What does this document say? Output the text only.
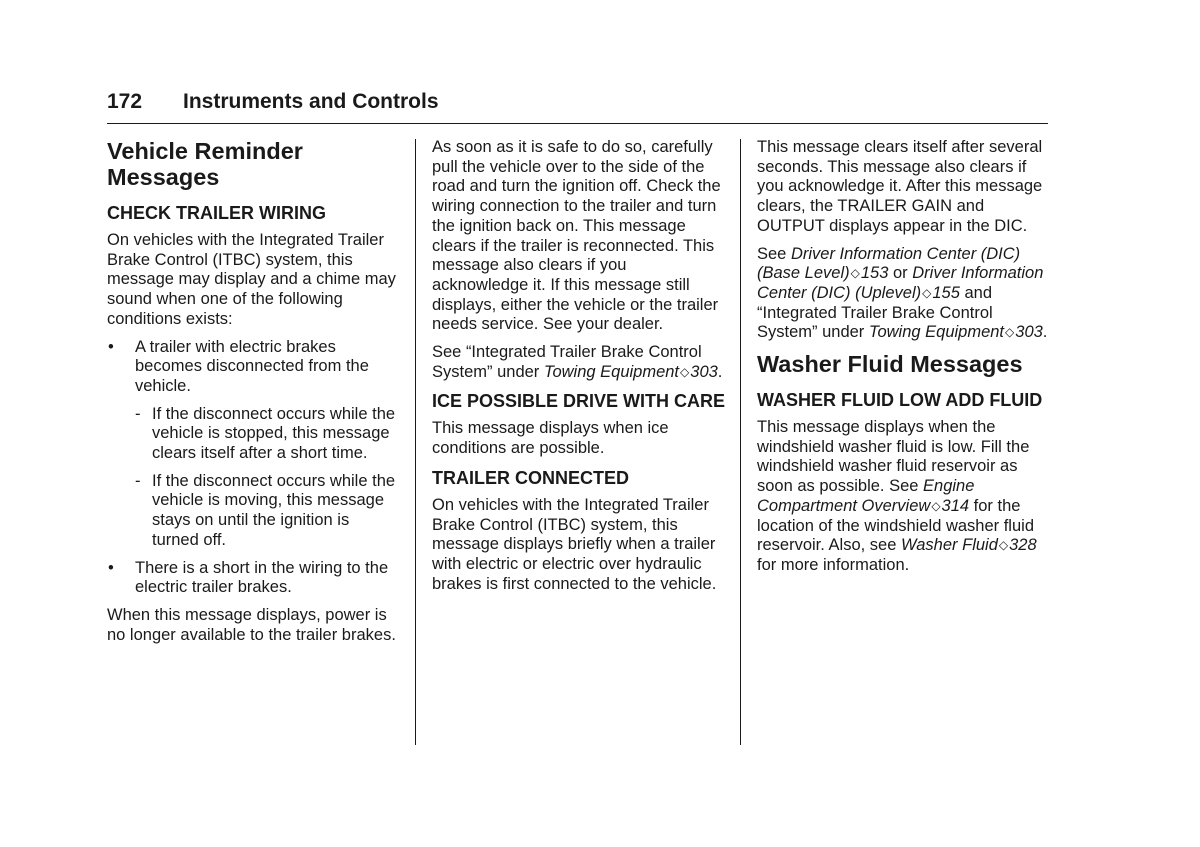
172 Instruments and Controls
Vehicle Reminder Messages
CHECK TRAILER WIRING

On vehicles with the Integrated Trailer Brake Control (ITBC) system, this message may display and a chime may sound when one of the following conditions exists:

• A trailer with electric brakes becomes disconnected from the vehicle.
- If the disconnect occurs while the vehicle is stopped, this message clears itself after a short time.
- If the disconnect occurs while the vehicle is moving, this message stays on until the ignition is turned off.
• There is a short in the wiring to the electric trailer brakes.

When this message displays, power is no longer available to the trailer brakes.

As soon as it is safe to do so, carefully pull the vehicle over to the side of the road and turn the ignition off. Check the wiring connection to the trailer and turn the ignition back on. This message clears if the trailer is reconnected. This message also clears if you acknowledge it. If this message still displays, either the vehicle or the trailer needs service. See your dealer.

See “Integrated Trailer Brake Control System” under Towing Equipment◇303.

ICE POSSIBLE DRIVE WITH CARE

This message displays when ice conditions are possible.

TRAILER CONNECTED

On vehicles with the Integrated Trailer Brake Control (ITBC) system, this message displays briefly when a trailer with electric or electric over hydraulic brakes is first connected to the vehicle.

This message clears itself after several seconds. This message also clears if you acknowledge it. After this message clears, the TRAILER GAIN and OUTPUT displays appear in the DIC.

See Driver Information Center (DIC) (Base Level)◇153 or Driver Information Center (DIC) (Uplevel)◇155 and “Integrated Trailer Brake Control System” under Towing Equipment◇303.

Washer Fluid Messages
WASHER FLUID LOW ADD FLUID

This message displays when the windshield washer fluid is low. Fill the windshield washer fluid reservoir as soon as possible. See Engine Compartment Overview◇314 for the location of the windshield washer fluid reservoir. Also, see Washer Fluid◇328 for more information.
